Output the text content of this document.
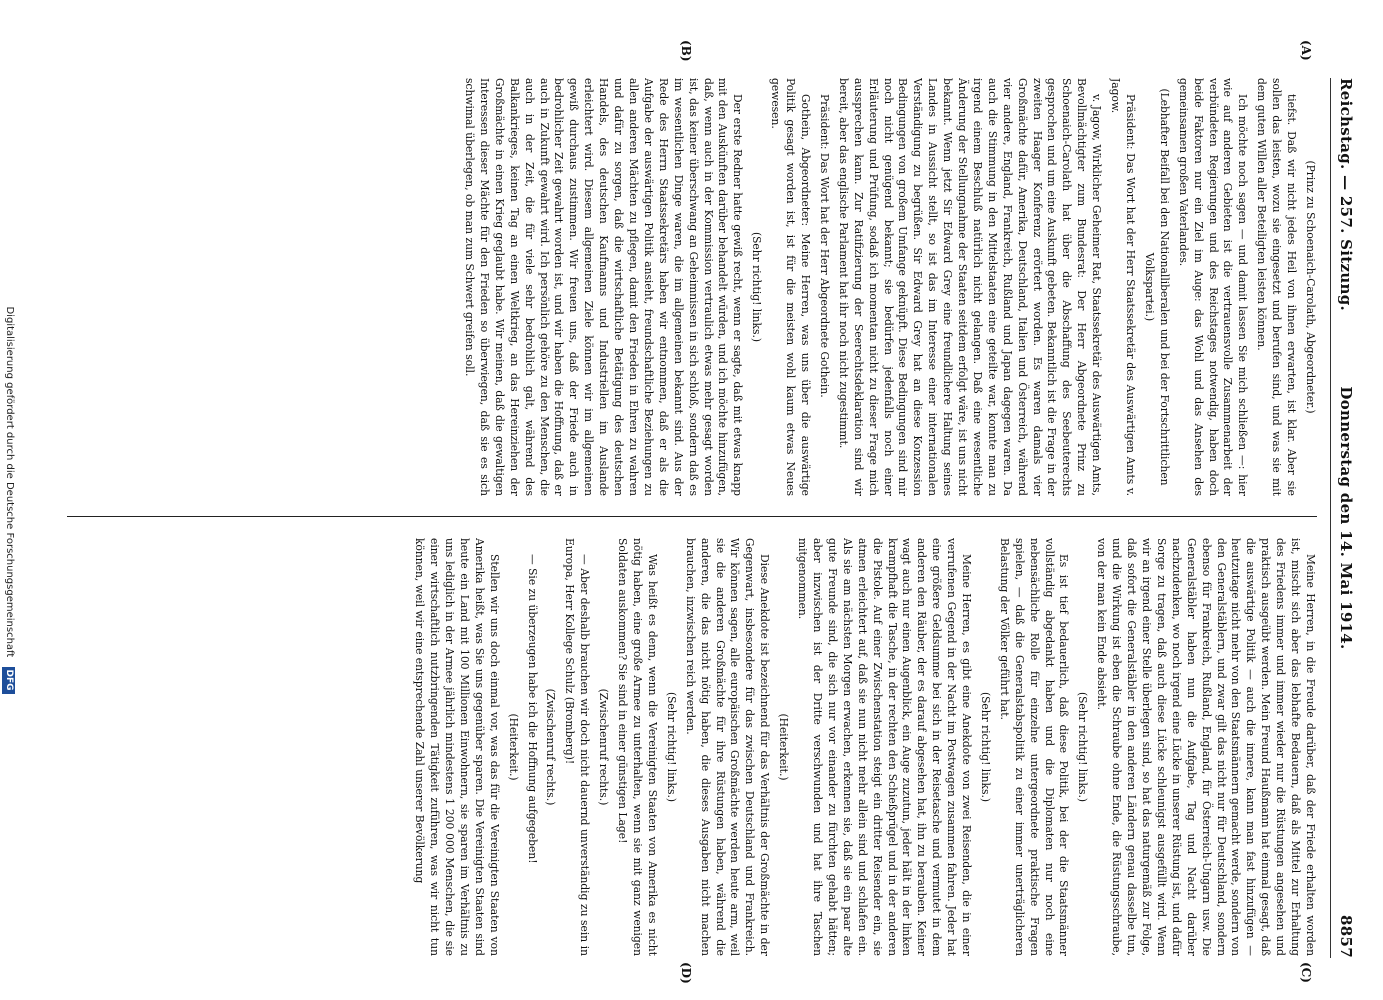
Reichstag. — 257. Sitzung.
Donnerstag den 14. Mai 1914.
8857
(A)
(B)
(C)
(D)

(Prinz zu Schoenaich-Carolath, Abgeordneter.)

tiefst. Daß wir nicht jedes Heil von ihnen erwarten, ist klar. Aber sie sollen das leisten, wozu sie eingesetzt und berufen sind, und was sie mit dem guten Willen aller Beteiligten leisten können.

Ich möchte noch sagen — und damit lassen Sie mich schließen —: hier wie auf anderen Gebieten ist die vertrauensvolle Zusammenarbeit der verbündeten Regierungen und des Reichstages notwendig, haben doch beide Faktoren nur ein Ziel im Auge: das Wohl und das Ansehen des gemeinsamen großen Vaterlandes.

(Lebhafter Beifall bei den Nationalliberalen und bei der Fortschrittlichen Volkspartei.)

Präsident: Das Wort hat der Herr Staatssekretär des Auswärtigen Amts v. Jagow.

v. Jagow, Wirklicher Geheimer Rat, Staatssekretär des Auswärtigen Amts, Bevollmächtigter zum Bundesrat: Der Herr Abgeordnete Prinz zu Schoenaich-Carolath hat über die Abschaffung des Seebeuterechts gesprochen und um eine Auskunft gebeten. Bekanntlich ist die Frage in der zweiten Haager Konferenz erörtert worden. Es waren damals vier Großmächte dafür, Amerika, Deutschland, Italien und Österreich, während vier andere, England, Frankreich, Rußland und Japan dagegen waren. Da auch die Stimmung in den Mittelstaaten eine geteilte war, konnte man zu irgend einem Beschluß natürlich nicht gelangen. Daß eine wesentliche Änderung der Stellungnahme der Staaten seitdem erfolgt wäre, ist uns nicht bekannt. Wenn jetzt Sir Edward Grey eine freundlichere Haltung seines Landes in Aussicht stellt, so ist das im Interesse einer internationalen Verständigung zu begrüßen. Sir Edward Grey hat an diese Konzession Bedingungen von großem Umfange geknüpft. Diese Bedingungen sind mir noch nicht genügend bekannt; sie bedürfen jedenfalls noch einer Erläuterung und Prüfung, sodaß ich momentan nicht zu dieser Frage mich aussprechen kann. Zur Ratifizierung der Seerechtsdeklaration sind wir bereit, aber das englische Parlament hat ihr noch nicht zugestimmt.

Präsident: Das Wort hat der Herr Abgeordnete Gothein.

Gothein, Abgeordneter: Meine Herren, was uns über die auswärtige Politik gesagt worden ist, ist für die meisten wohl kaum etwas Neues gewesen.

(Sehr richtig! links.)

Der erste Redner hatte gewiß recht, wenn er sagte, daß mit etwas knapp mit den Auskünften darüber behandelt würden, und ich möchte hinzufügen, daß, wenn auch in der Kommission vertraulich etwas mehr gesagt worden ist, das keiner überschwang an Geheimnissen in sich schloß, sondern daß es im wesentlichen Dinge waren, die im allgemeinen bekannt sind. Aus der Rede des Herrn Staatssekretärs haben wir entnommen, daß er als die Aufgabe der auswärtigen Politik ansieht, freundschaftliche Beziehungen zu allen anderen Mächten zu pflegen, damit den Frieden in Ehren zu wahren und dafür zu sorgen, daß die wirtschaftliche Betätigung des deutschen Handels, des deutschen Kaufmanns und Industriellen im Auslande erleichtert wird. Diesem allgemeinen Ziele können wir im allgemeinen gewiß durchaus zustimmen. Wir freuen uns, daß der Friede auch in bedrohlicher Zeit gewahrt worden ist, und wir haben die Hoffnung, daß er auch in Zukunft gewahrt wird. Ich persönlich gehöre zu den Menschen, die auch in der Zeit, die für viele sehr bedrohlich galt, während des Balkankrieges, keinen Tag an einen Weltkrieg, an das Hereinziehen der Großmächte in einen Krieg geglaubt habe. Wir meinen, daß die gewaltigen Interessen dieser Mächte für den Frieden so überwiegen, daß sie es sich schwimal überlegen, ob man zum Schwert greifen soll.

Meine Herren, in die Freude darüber, daß der Friede erhalten worden ist, mischt sich aber das lebhafte Bedauern, daß als Mittel zur Erhaltung des Friedens immer und immer wieder nur die Rüstungen angesehen und praktisch ausgeübt werden. Mein Freund Haußmann hat einmal gesagt, daß die auswärtige Politik — auch die innere, kann man fast hinzufügen — heutzutage nicht mehr von den Staatsmännern gemacht werde, sondern von den Generalstäblern, und zwar gilt das nicht nur für Deutschland, sondern ebenso für Frankreich, Rußland, England, für Österreich-Ungarn usw. Die Generalstäbler haben nun die Aufgabe, Tag und Nacht darüber nachzudenken, wo noch irgend eine Lücke in unserer Rüstung ist, und dafür Sorge zu tragen, daß auch diese Lücke schleunigst ausgefüllt wird. Wenn wir an irgend einer Stelle überlegen sind, so hat das naturgemäß zur Folge, daß sofort die Generalstäbler in den anderen Ländern genau dasselbe tun, und die Wirkung ist eben die Schraube ohne Ende, die Rüstungsschraube, von der man kein Ende absieht.

(Sehr richtig! links.)

Es ist tief bedauerlich, daß diese Politik, bei der die Staatsmänner vollständig abgedankt haben und die Diplomaten nur noch eine nebensächliche Rolle für einzelne untergeordnete praktische Fragen spielen, — daß die Generalstabspolitik zu einer immer unerträglicheren Belastung der Völker geführt hat.

(Sehr richtig! links.)

Meine Herren, es gibt eine Anekdote von zwei Reisenden, die in einer verrufenen Gegend in der Nacht im Postwagen zusammen fahren. Jeder hat eine größere Geldsumme bei sich in der Reisetasche und vermutet in dem anderen den Räuber, der es darauf abgesehen hat, ihn zu berauben. Keiner wagt auch nur einen Augenblick, ein Auge zuzutun, jeder hält in der linken krampfhaft die Tasche, in der rechten den Schießprügel und in der anderen die Pistole. Auf einer Zwischenstation steigt ein dritter Reisender ein, sie atmen erleichtert auf, daß sie nun nicht mehr allein sind und schlafen ein. Als sie am nächsten Morgen erwachen, erkennen sie, daß sie ein paar alte gute Freunde sind, die sich nur vor einander zu fürchten gehabt hätten; aber inzwischen ist der Dritte verschwunden und hat ihre Taschen mitgenommen.

(Heiterkeit.)

Diese Anekdote ist bezeichnend für das Verhältnis der Großmächte in der Gegenwart, insbesondere für das zwischen Deutschland und Frankreich. Wir können sagen, alle europäischen Großmächte werden heute arm, weil sie die anderen Großmächte für ihre Rüstungen haben, während die anderen, die das nicht nötig haben, die dieses Ausgaben nicht machen brauchen, inzwischen reich werden.

(Sehr richtig! links.)

Was heißt es denn, wenn die Vereinigten Staaten von Amerika es nicht nötig haben, eine große Armee zu unterhalten, wenn sie mit ganz wenigen Soldaten auskommen? Sie sind in einer günstigen Lage!

(Zwischenruf rechts.)

— Aber deshalb brauchen wir doch nicht dauernd unverständig zu sein in Europa, Herr Kollege Schulz (Bromberg)!

(Zwischenruf rechts.)

— Sie zu überzeugen habe ich die Hoffnung aufgegeben!

(Heiterkeit.)

Stellen wir uns doch einmal vor, was das für die Vereinigten Staaten von Amerika heißt, was Sie uns gegenüber sparen. Die Vereinigten Staaten sind heute ein Land mit 100 Millionen Einwohnern, sie sparen im Verhältnis zu uns lediglich in der Armee jährlich mindestens 1 200 000 Menschen, die sie einer wirtschaftlich nutzbringenden Tätigkeit zuführen, was wir nicht tun können, weil wir eine entsprechende Zahl unserer Bevölkerung

Digitalisierung gefördert durch die Deutsche Forschungsgemeinschaft DFG
